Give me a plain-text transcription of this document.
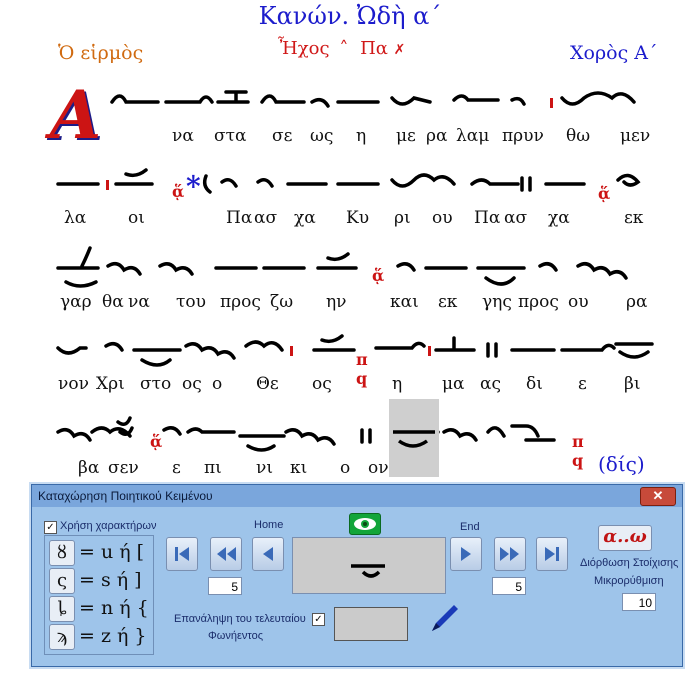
Κανών. Ὠδὴ α΄
Ὁ εἱρμὸς	Ἦχος ˄ Πα ✗	Χορὸς Α΄
Α	να στα σε ως η με ρα λαμ πρυν θω μεν
λα οι	Πα ασ χα Κυ ρι ου Πα ασ χα	εκ
γαρ θα να του προς ζω ην	και εκ γης προς ου ρα
νον Χρι στο ος ο Θε ος	η μα ας δι ε βι
βα σεν ε πι νι κι ο ον
ᾅ *	ᾅ
ᾅ
π
q
ᾅ	π
q (δίς)
Καταχώρηση Ποιητικού Κειμένου	✕
✓ Χρήση χαρακτήρων
ȣ = u ή [
ς = s ή ]
ȴ = n ή {
ϡ = z ή }
Home	End
5	5
Επανάληψη του τελευταίου ✓
Φωνήεντος
α..ω
Διόρθωση Στοίχισης
Μικρορύθμιση
10
